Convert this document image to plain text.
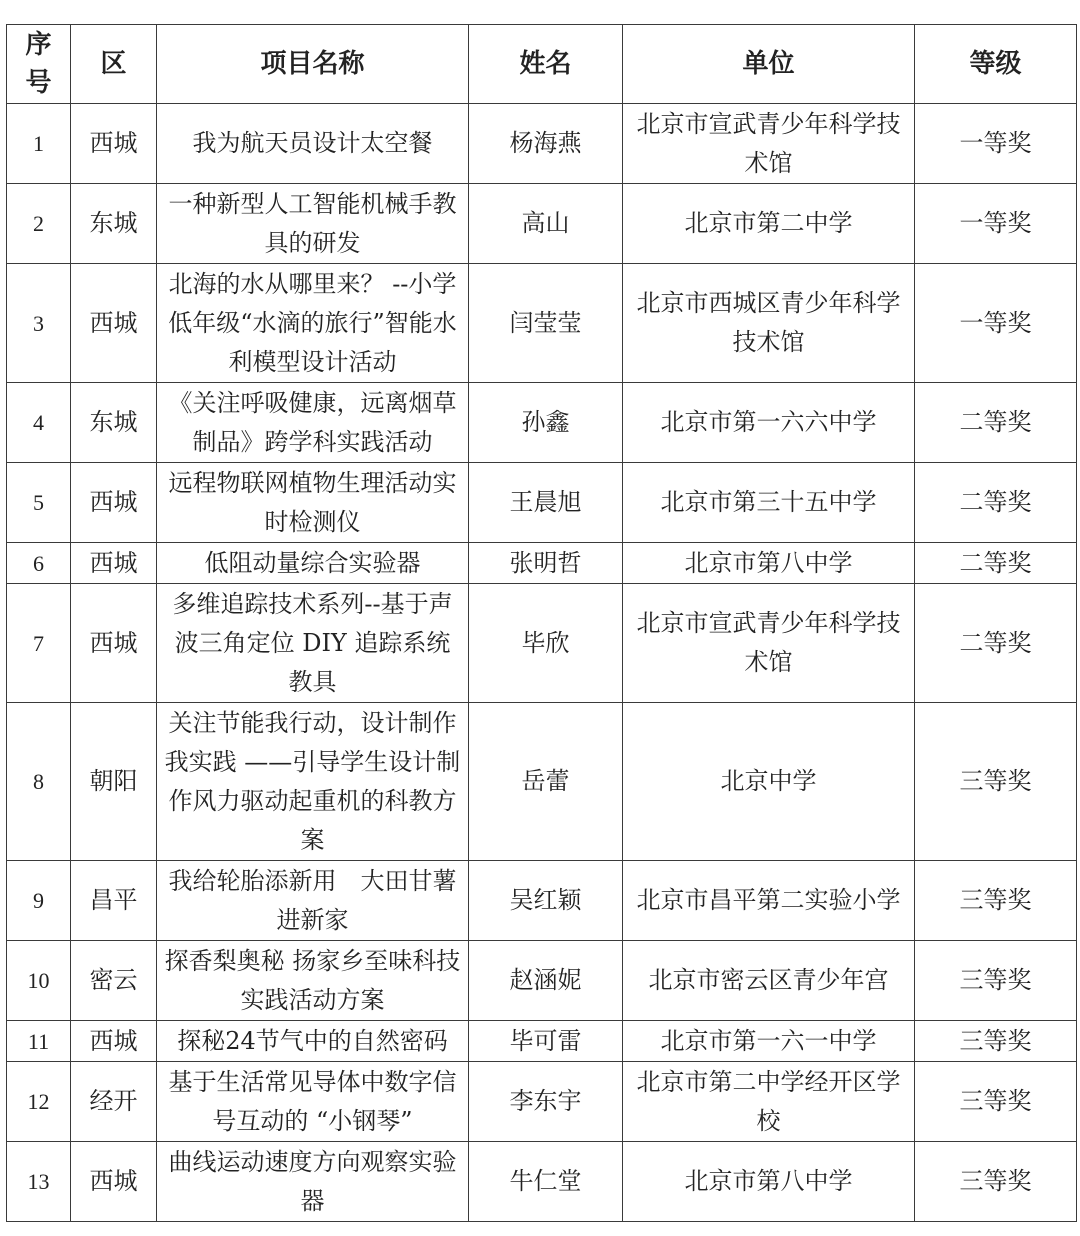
序号	区	项目名称	姓名	单位	等级
1	西城	我为航天员设计太空餐	杨海燕	北京市宣武青少年科学技术馆	一等奖
2	东城	一种新型人工智能机械手教具的研发	高山	北京市第二中学	一等奖
3	西城	北海的水从哪里来？ --小学低年级“水滴的旅行”智能水利模型设计活动	闫莹莹	北京市西城区青少年科学技术馆	一等奖
4	东城	《关注呼吸健康，远离烟草制品》跨学科实践活动	孙鑫	北京市第一六六中学	二等奖
5	西城	远程物联网植物生理活动实时检测仪	王晨旭	北京市第三十五中学	二等奖
6	西城	低阻动量综合实验器	张明哲	北京市第八中学	二等奖
7	西城	多维追踪技术系列--基于声波三角定位 DIY 追踪系统教具	毕欣	北京市宣武青少年科学技术馆	二等奖
8	朝阳	关注节能我行动，设计制作我实践 ——引导学生设计制作风力驱动起重机的科教方案	岳蕾	北京中学	三等奖
9	昌平	我给轮胎添新用　大田甘薯进新家	吴红颖	北京市昌平第二实验小学	三等奖
10	密云	探香梨奥秘 扬家乡至味科技实践活动方案	赵涵妮	北京市密云区青少年宫	三等奖
11	西城	探秘24节气中的自然密码	毕可雷	北京市第一六一中学	三等奖
12	经开	基于生活常见导体中数字信号互动的 “小钢琴”	李东宇	北京市第二中学经开区学校	三等奖
13	西城	曲线运动速度方向观察实验器	牛仁堂	北京市第八中学	三等奖
